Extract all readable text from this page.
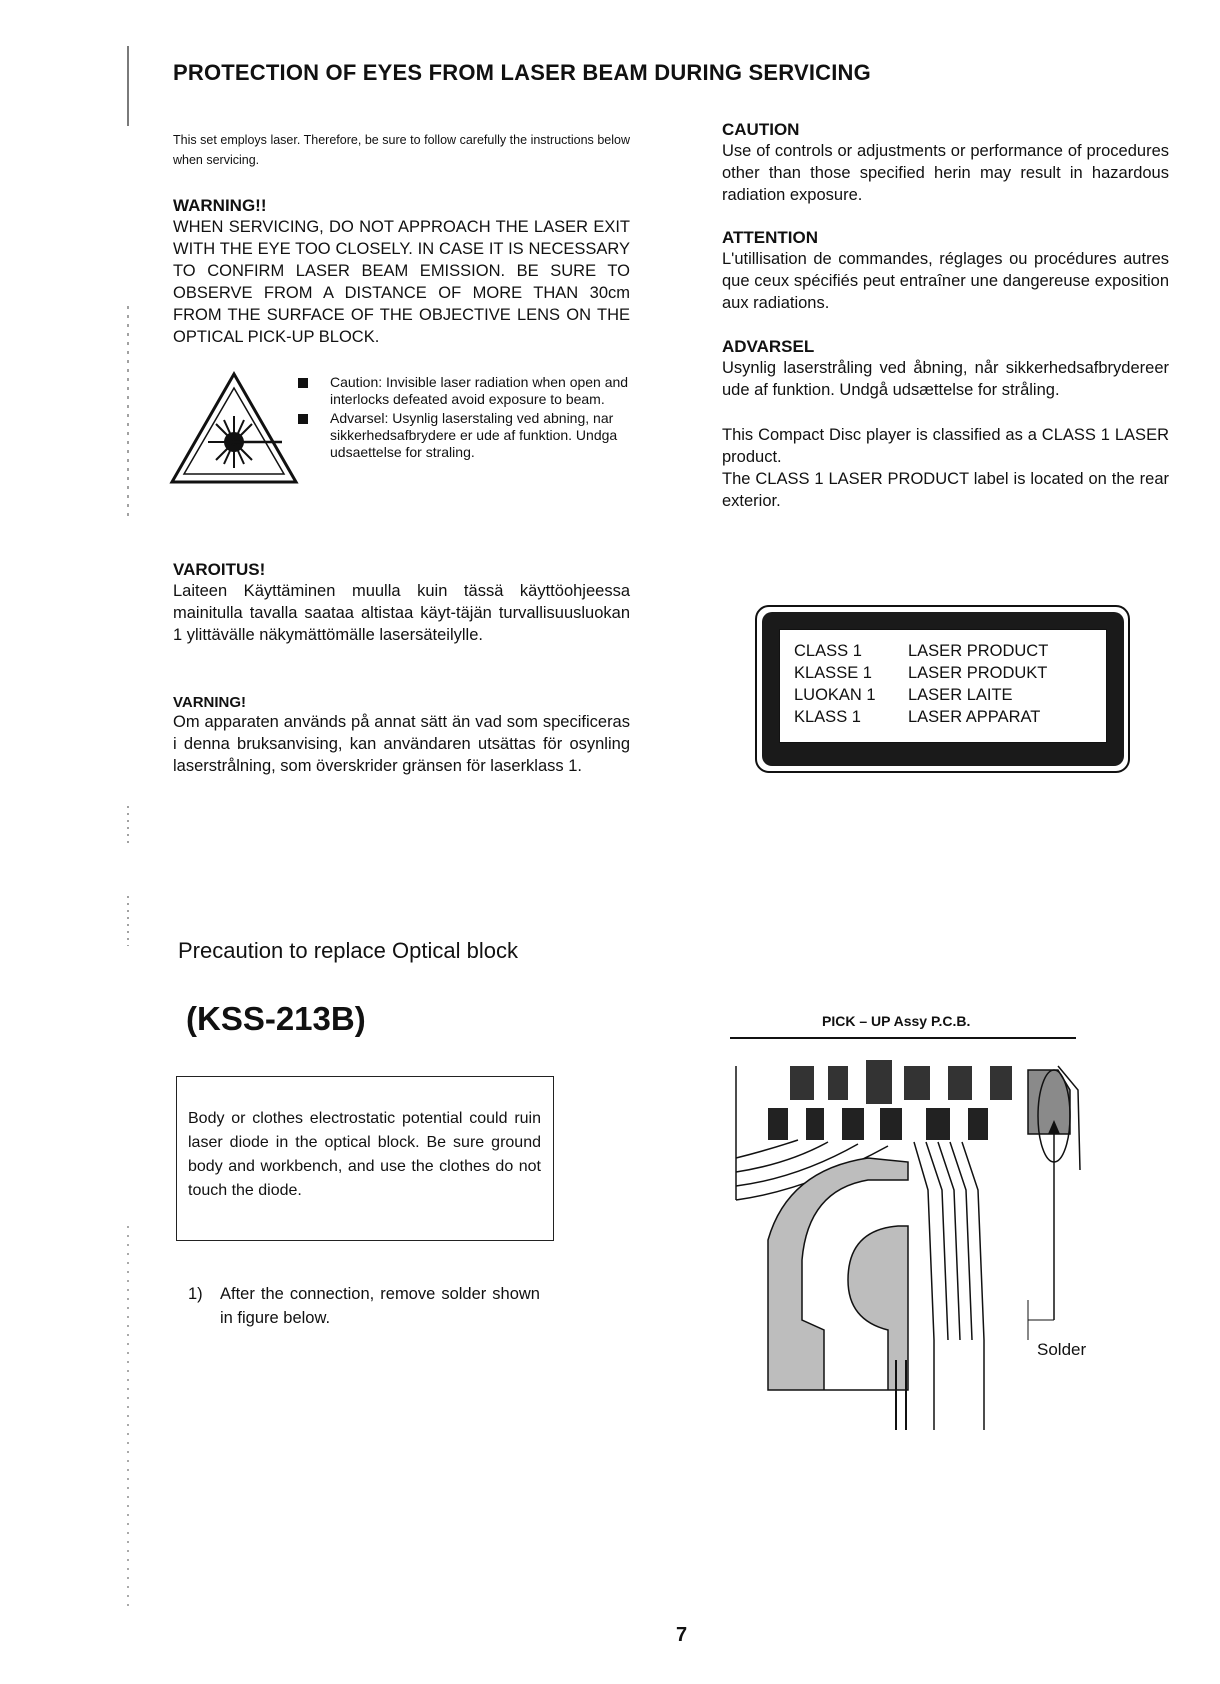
PROTECTION OF EYES FROM LASER BEAM DURING SERVICING
This set employs laser. Therefore, be sure to follow carefully the instructions below when servicing.
WARNING!!
WHEN SERVICING, DO NOT APPROACH THE LASER EXIT WITH THE EYE TOO CLOSELY. IN CASE IT IS NECESSARY TO CONFIRM LASER BEAM EMISSION. BE SURE TO OBSERVE FROM A DISTANCE OF MORE THAN 30cm FROM THE SURFACE OF THE OBJECTIVE LENS ON THE OPTICAL PICK-UP BLOCK.
Caution: Invisible laser radiation when open and interlocks defeated avoid exposure to beam.
Advarsel: Usynlig laserstaling ved abning, nar sikkerhedsafbrydere er ude af funktion. Undga udsaettelse for straling.
VAROITUS!
Laiteen Käyttäminen muulla kuin tässä käyttöohjeessa mainitulla tavalla saataa altistaa käyt-täjän turvallisuusluokan 1 ylittävälle näkymättömälle lasersäteilylle.
VARNING!
Om apparaten används på annat sätt än vad som specificeras i denna bruksanvising, kan användaren utsättas för osynling laserstrålning, som överskrider gränsen för laserklass 1.
CAUTION
Use of controls or adjustments or performance of procedures other than those specified herin may result in hazardous radiation exposure.
ATTENTION
L'utillisation de commandes, réglages ou procédures autres que ceux spécifiés peut entraîner une dangereuse exposition aux radiations.
ADVARSEL
Usynlig laserstråling ved åbning, når sikkerhedsafbrydereer ude af funktion. Undgå udsættelse for stråling.
This Compact Disc player is classified as a CLASS 1 LASER product.
The CLASS 1 LASER PRODUCT label is located on the rear exterior.
CLASS 1	LASER PRODUCT
KLASSE 1	LASER PRODUKT
LUOKAN 1	LASER LAITE
KLASS 1	LASER APPARAT
Precaution to replace Optical block
(KSS-213B)
Body or clothes electrostatic potential could ruin laser diode in the optical block. Be sure ground body and workbench, and use the clothes do not touch the diode.
1) After the connection, remove solder shown in figure below.
PICK – UP Assy P.C.B.
Solder
7
